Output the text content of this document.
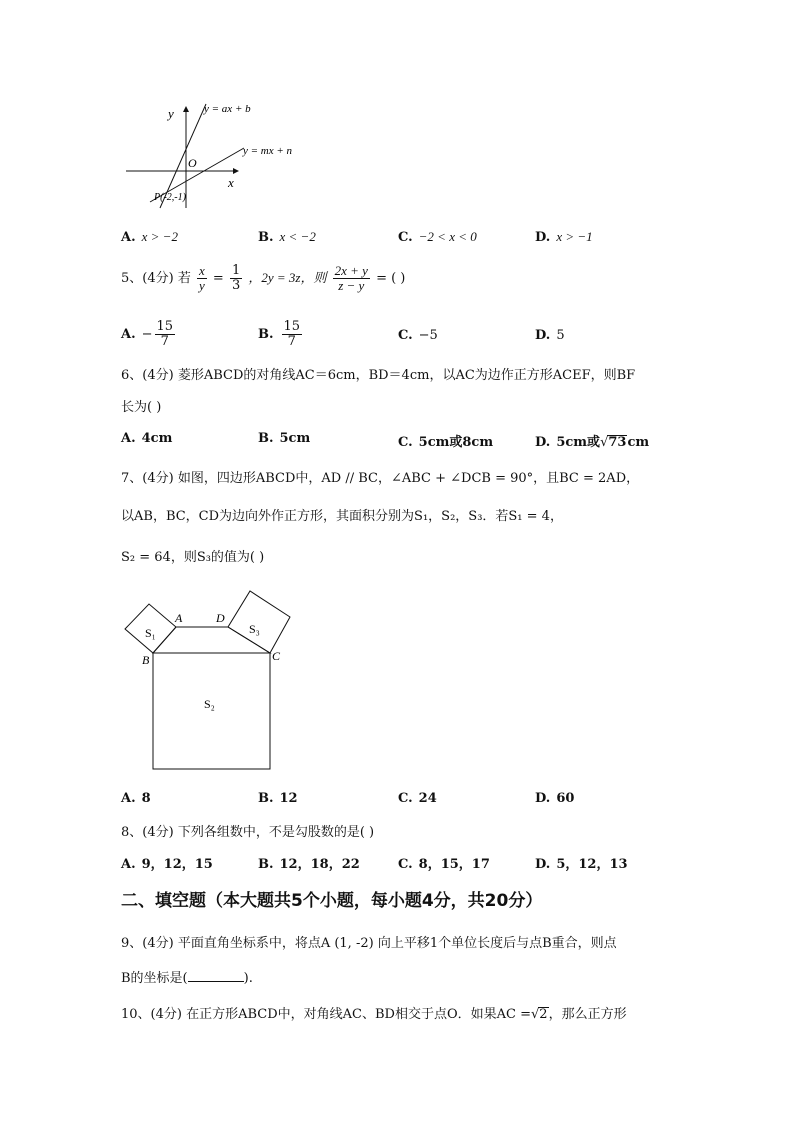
y
x
O
y = ax + b
y = mx + n
P(-2,-1)
A. x > −2	B. x < −2	C. −2 < x < 0	D. x > −1
5、(4分) 若 $\frac{x}{y} = \frac{1}{3}$ ，2y = 3z，则 $\frac{2x + y}{z - y}$ = ( )
A. − $\frac{15}{7}$	B. $\frac{15}{7}$	C. −5	D. 5
6、(4分) 菱形ABCD的对角线AC＝6cm，BD＝4cm，以AC为边作正方形ACEF，则BF
长为( )
A. 4cm	B. 5cm	C. 5cm或8cm	D. 5cm或√73cm
7、(4分) 如图，四边形ABCD中，AD // BC，∠ABC + ∠DCB = 90°，且BC = 2AD，
以AB，BC，CD为边向外作正方形，其面积分别为S₁，S₂，S₃．若S₁ = 4，
S₂ = 64，则S₃的值为( )
A
B	C
D
S₁	S₃
S₂
A. 8	B. 12	C. 24	D. 60
8、(4分) 下列各组数中，不是勾股数的是( )
A. 9，12，15	B. 12，18，22	C. 8，15，17	D. 5，12，13
二、填空题（本大题共5个小题，每小题4分，共20分）
9、(4分) 平面直角坐标系中，将点A (1, -2) 向上平移1个单位长度后与点B重合，则点
B的坐标是(	).
10、(4分) 在正方形ABCD中，对角线AC、BD相交于点O．如果AC =√2，那么正方形
